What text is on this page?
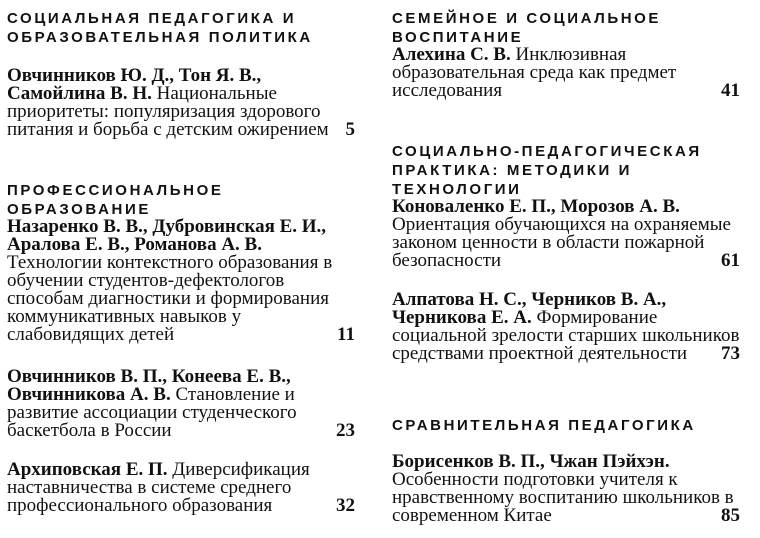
СОЦИАЛЬНАЯ ПЕДАГОГИКА И
ОБРАЗОВАТЕЛЬНАЯ ПОЛИТИКА

Овчинников Ю. Д., Тон Я. В., Самойлина В. Н. Национальные приоритеты: популяризация здорового питания и борьба с детским ожирением 5
ПРОФЕССИОНАЛЬНОЕ ОБРАЗОВАНИЕ

Назаренко В. В., Дубровинская Е. И., Аралова Е. В., Романова А. В. Технологии контекстного образования в обучении студентов-дефектологов способам диагностики и формирования коммуникативных навыков у слабовидящих детей	11

Овчинников В. П., Конеева Е. В., Овчинникова А. В. Становление и развитие ассоциации студенческого баскетбола в России	23

Архиповская Е. П. Диверсификация наставничества в системе среднего профессионального образования	32
СЕМЕЙНОЕ И СОЦИАЛЬНОЕ ВОСПИТАНИЕ

Алехина С. В. Инклюзивная образовательная среда как предмет исследования	41
СОЦИАЛЬНО-ПЕДАГОГИЧЕСКАЯ
ПРАКТИКА: МЕТОДИКИ И ТЕХНОЛОГИИ

Коноваленко Е. П., Морозов А. В. Ориентация обучающихся на охраняемые законом ценности в области пожарной безопасности	61

Алпатова Н. С., Черников В. А., Черникова Е. А. Формирование социальной зрелости старших школьников средствами проектной деятельности	73
СРАВНИТЕЛЬНАЯ ПЕДАГОГИКА

Борисенков В. П., Чжан Пэйхэн. Особенности подготовки учителя к нравственному воспитанию школьников в современном Китае	85
